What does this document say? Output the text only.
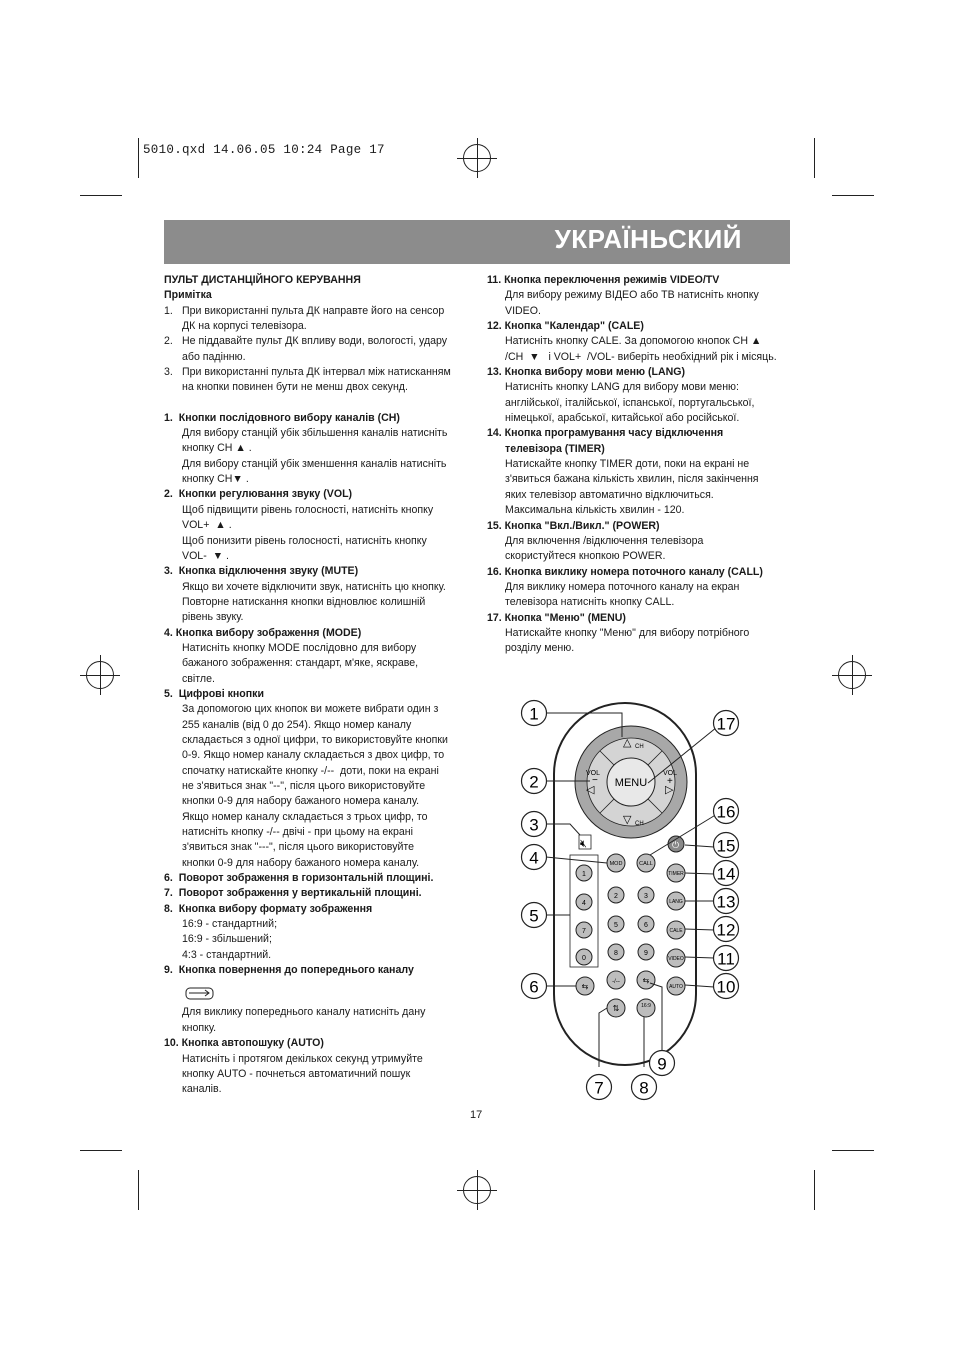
5010.qxd 14.06.05 10:24 Page 17
УКРАЇНЬСКИЙ

ПУЛЬТ ДИСТАНЦІЙНОГО КЕРУВАННЯ

Примітка

1. При використанні пульта ДК направте його на сенсор

ДК на корпусі телевізора.

2. Не піддавайте пульт ДК впливу води, вологості, удару

або падінню.

3. При використанні пульта ДК інтервал між натисканням

на кнопки повинен бути не менш двох секунд.

1.  Кнопки послідовного вибору каналів (CH)

Для вибору станцій убік збільшення каналів натисніть

кнопку CH ▲ .

Для вибору станцій убік зменшення каналів натисніть

кнопку CH▼ .

2.  Кнопки регулювання звуку (VOL)

Щоб підвищити рівень голосності, натисніть кнопку

VOL+  ▲ .

Щоб понизити рівень голосності, натисніть кнопку

VOL-  ▼ .

3.  Кнопка відключення звуку (MUTE)

Якщо ви хочете відключити звук, натисніть цю кнопку.

Повторне натискання кнопки відновлює колишній

рівень звуку.

4. Кнопка вибору зображення (MODE)

Натисніть кнопку MODE послідовно для вибору

бажаного зображення: стандарт, м'яке, яскраве,

світле.

5.  Цифрові кнопки

За допомогою цих кнопок ви можете вибрати один з

255 каналів (від 0 до 254). Якщо номер каналу

складається з одної цифри, то використовуйте кнопки

0-9. Якщо номер каналу складається з двох цифр, то

спочатку натискайте кнопку -/--  доти, поки на екрані

не з'явиться знак "--", після цього використовуйте

кнопки 0-9 для набору бажаного номера каналу.

Якщо номер каналу складається з трьох цифр, то

натисніть кнопку -/-- двічі - при цьому на екрані

з'явиться знак "---", після цього використовуйте

кнопки 0-9 для набору бажаного номера каналу.

6.  Поворот зображення в горизонтальній площині.

7.  Поворот зображення у вертикальній площині.

8.  Кнопка вибору формату зображення

16:9 - стандартний;

16:9 - збільшений;

4:3 - стандартний.

9.  Кнопка повернення до попереднього каналу

Для виклику попереднього каналу натисніть дану

кнопку.

10. Кнопка автопошуку (AUTO)

Натисніть і протягом декількох секунд утримуйте

кнопку AUTO - почнеться автоматичний пошук

каналів.

11. Кнопка переключення режимів VIDEO/TV

Для вибору режиму ВІДЕО або ТВ натисніть кнопку

VIDEO.

12. Кнопка "Календар" (CALE)

Натисніть кнопку CALE. За допомогою кнопок CH ▲

/CH  ▼   і VOL+  /VOL- виберіть необхідний рік і місяць.

13. Кнопка вибору мови меню (LANG)

Натисніть кнопку LANG для вибору мови меню:

англійської, італійської, іспанської, португальської,

німецької, арабської, китайської або російської.

14. Кнопка програмування часу відключення

телевізора (TIMER)

Натискайте кнопку TIMER доти, поки на екрані не

з'явиться бажана кількість хвилин, після закінчення

яких телевізор автоматично відключиться.

Максимальна кількість хвилин - 120.

15. Кнопка "Вкл./Викл." (POWER)

Для включення /відключення телевізора

скористуйтеся кнопкою POWER.

16. Кнопка виклику номера поточного каналу (CALL)

Для виклику номера поточного каналу на екран

телевізора натисніть кнопку CALL.

17. Кнопка "Меню" (MENU)

Натискайте кнопку "Меню" для вибору потрібного

розділу меню.

MENU
△ CH
▽ CH
VOL
◁
−
VOL
▷
+
🔇︎	⏻
MOD	CALL
1
2	3
4
5	6
7
8	9
0
TIMER
LANG
CALE
VIDEO
AUTO
-/--	⇆
⇆
⇅	16:9
1
2
3
4
5
6
7 8
9
10
11
12
13
14
15
16
17
17
